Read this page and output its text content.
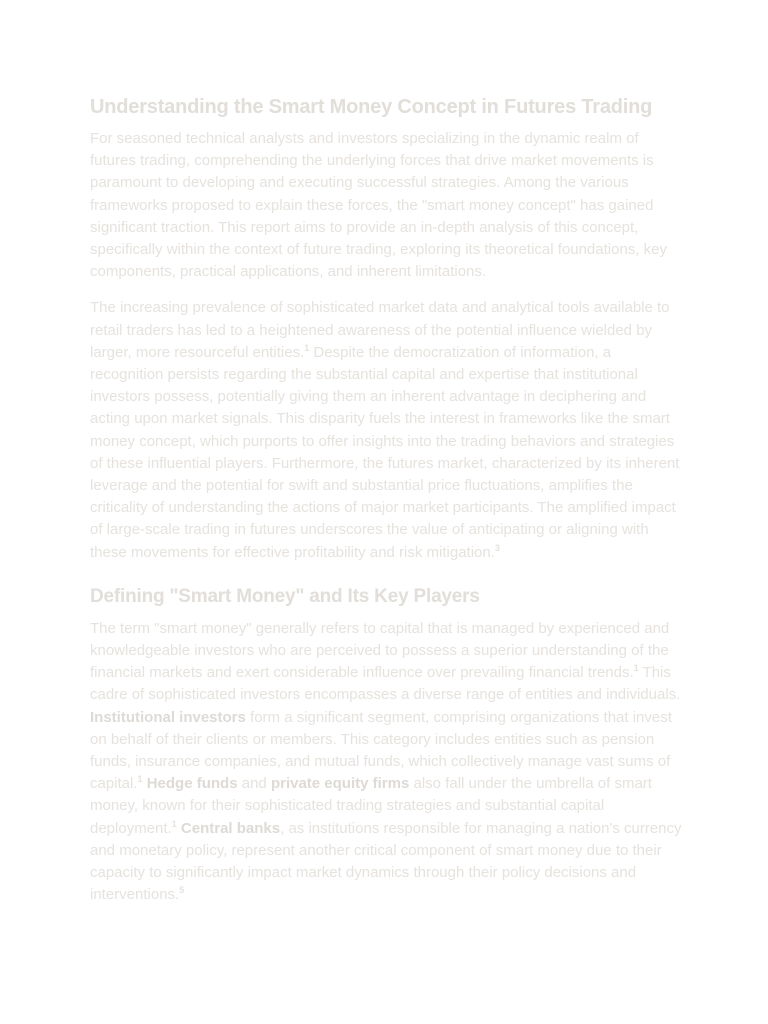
Understanding the Smart Money Concept in Futures Trading

For seasoned technical analysts and investors specializing in the dynamic realm of futures trading, comprehending the underlying forces that drive market movements is paramount to developing and executing successful strategies. Among the various frameworks proposed to explain these forces, the "smart money concept" has gained significant traction. This report aims to provide an in-depth analysis of this concept, specifically within the context of future trading, exploring its theoretical foundations, key components, practical applications, and inherent limitations.

The increasing prevalence of sophisticated market data and analytical tools available to retail traders has led to a heightened awareness of the potential influence wielded by larger, more resourceful entities.$^1$ Despite the democratization of information, a recognition persists regarding the substantial capital and expertise that institutional investors possess, potentially giving them an inherent advantage in deciphering and acting upon market signals. This disparity fuels the interest in frameworks like the smart money concept, which purports to offer insights into the trading behaviors and strategies of these influential players. Furthermore, the futures market, characterized by its inherent leverage and the potential for swift and substantial price fluctuations, amplifies the criticality of understanding the actions of major market participants. The amplified impact of large-scale trading in futures underscores the value of anticipating or aligning with these movements for effective profitability and risk mitigation.$^3$

Defining "Smart Money" and Its Key Players

The term "smart money" generally refers to capital that is managed by experienced and knowledgeable investors who are perceived to possess a superior understanding of the financial markets and exert considerable influence over prevailing financial trends.$^1$ This cadre of sophisticated investors encompasses a diverse range of entities and individuals. Institutional investors form a significant segment, comprising organizations that invest on behalf of their clients or members. This category includes entities such as pension funds, insurance companies, and mutual funds, which collectively manage vast sums of capital.$^1$ Hedge funds and private equity firms also fall under the umbrella of smart money, known for their sophisticated trading strategies and substantial capital deployment.$^1$ Central banks, as institutions responsible for managing a nation's currency and monetary policy, represent another critical component of smart money due to their capacity to significantly impact market dynamics through their policy decisions and interventions.$^5$
